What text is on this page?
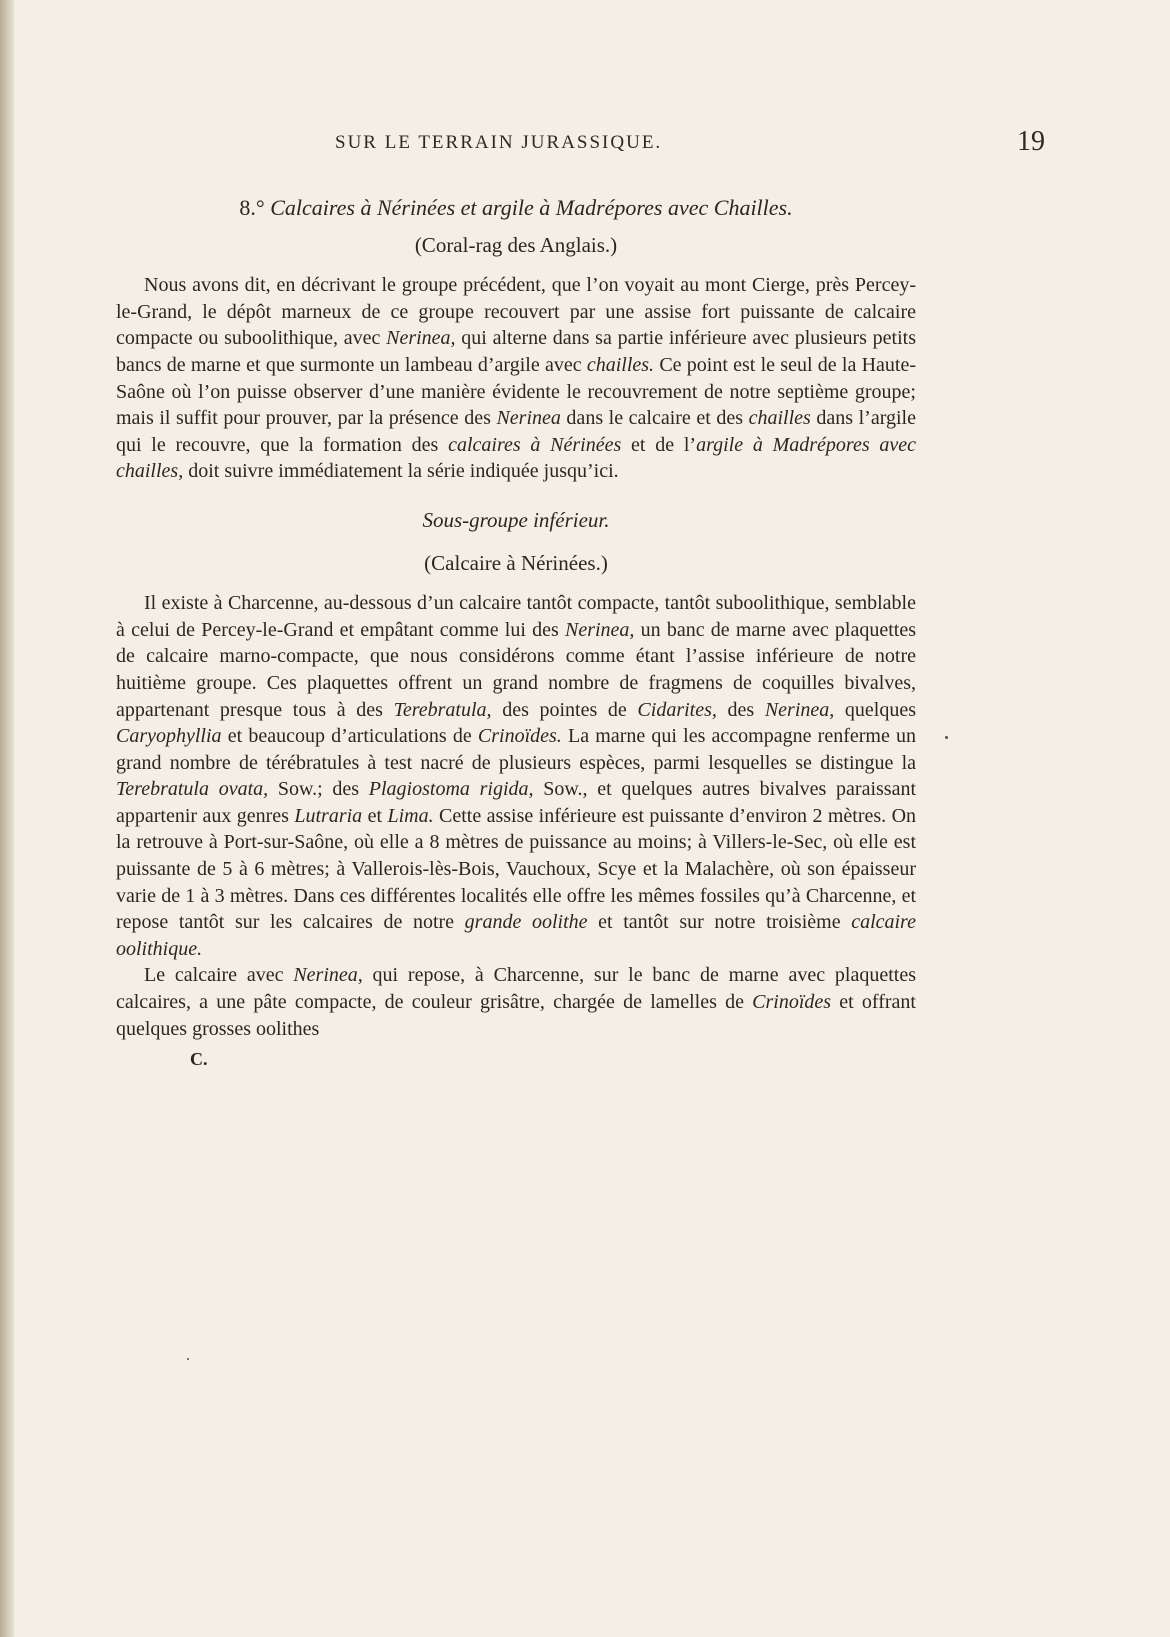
SUR LE TERRAIN JURASSIQUE.	19
8.° Calcaires à Nérinées et argile à Madrépores avec Chailles.
(Coral-rag des Anglais.)

Nous avons dit, en décrivant le groupe précédent, que l’on voyait au mont Cierge, près Percey-le-Grand, le dépôt marneux de ce groupe recouvert par une assise fort puissante de calcaire compacte ou suboolithique, avec Nerinea, qui alterne dans sa partie inférieure avec plusieurs petits bancs de marne et que surmonte un lambeau d’argile avec chailles. Ce point est le seul de la Haute-Saône où l’on puisse observer d’une manière évidente le recouvrement de notre septième groupe; mais il suffit pour prouver, par la présence des Nerinea dans le calcaire et des chailles dans l’argile qui le recouvre, que la formation des calcaires à Nérinées et de l’argile à Madrépores avec chailles, doit suivre immédiatement la série indiquée jusqu’ici.

Sous-groupe inférieur.
(Calcaire à Nérinées.)

Il existe à Charcenne, au-dessous d’un calcaire tantôt compacte, tantôt suboolithique, semblable à celui de Percey-le-Grand et empâtant comme lui des Nerinea, un banc de marne avec plaquettes de calcaire marno-compacte, que nous considérons comme étant l’assise inférieure de notre huitième groupe. Ces plaquettes offrent un grand nombre de fragmens de coquilles bivalves, appartenant presque tous à des Terebratula, des pointes de Cidarites, des Nerinea, quelques Caryophyllia et beaucoup d’articulations de Crinoïdes. La marne qui les accompagne renferme un grand nombre de térébratules à test nacré de plusieurs espèces, parmi lesquelles se distingue la Terebratula ovata, Sow.; des Plagiostoma rigida, Sow., et quelques autres bivalves paraissant appartenir aux genres Lutraria et Lima. Cette assise inférieure est puissante d’environ 2 mètres. On la retrouve à Port-sur-Saône, où elle a 8 mètres de puissance au moins; à Villers-le-Sec, où elle est puissante de 5 à 6 mètres; à Vallerois-lès-Bois, Vauchoux, Scye et la Malachère, où son épaisseur varie de 1 à 3 mètres. Dans ces différentes localités elle offre les mêmes fossiles qu’à Charcenne, et repose tantôt sur les calcaires de notre grande oolithe et tantôt sur notre troisième calcaire oolithique.

Le calcaire avec Nerinea, qui repose, à Charcenne, sur le banc de marne avec plaquettes calcaires, a une pâte compacte, de couleur grisâtre, chargée de lamelles de Crinoïdes et offrant quelques grosses oolithes

C.
